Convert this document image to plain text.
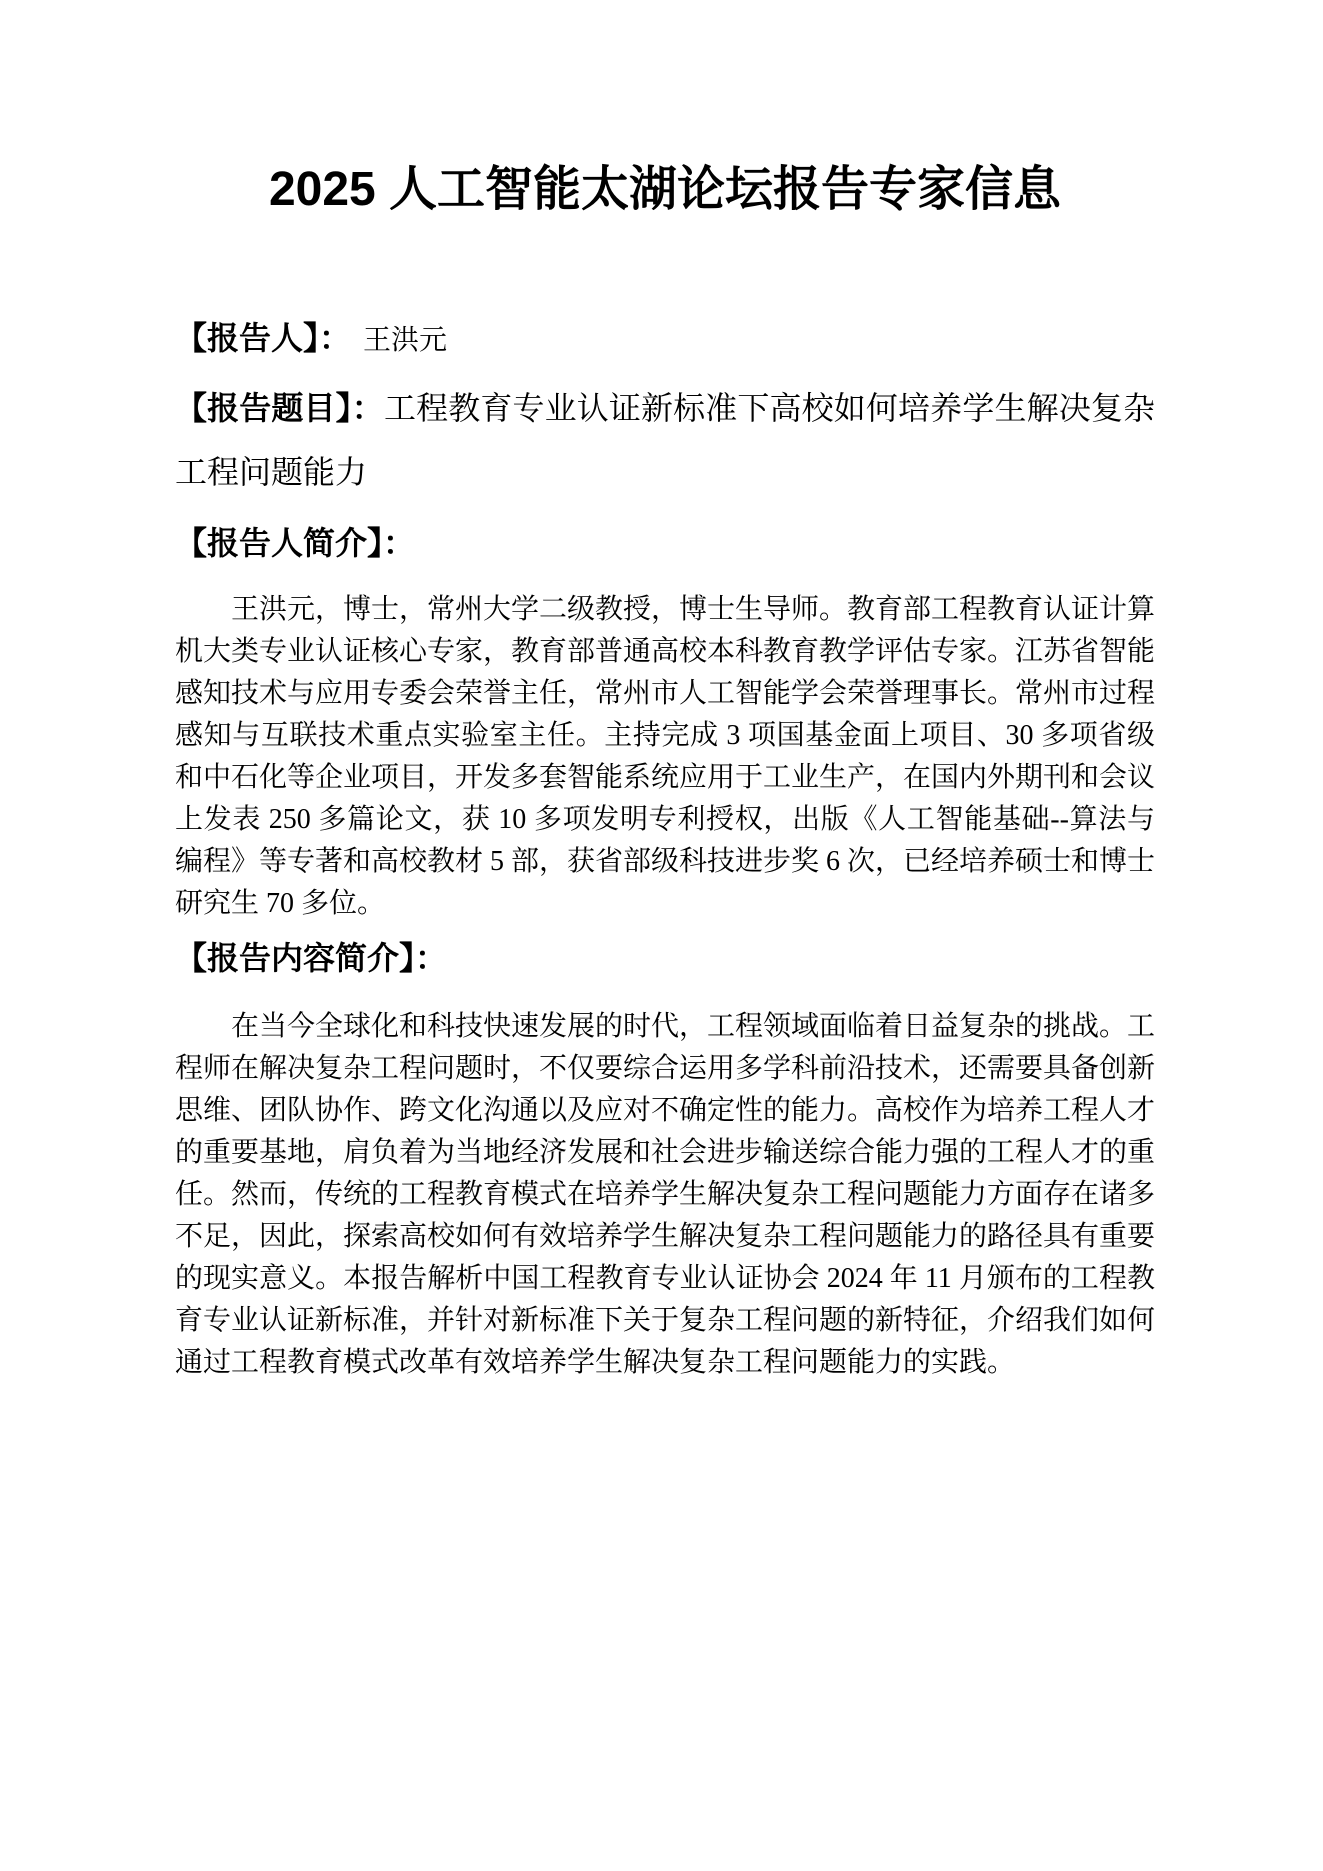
2025 人工智能太湖论坛报告专家信息

【报告人】： 王洪元

【报告题目】：工程教育专业认证新标准下高校如何培养学生解决复杂工程问题能力

【报告人简介】：

王洪元，博士，常州大学二级教授，博士生导师。教育部工程教育认证计算机大类专业认证核心专家，教育部普通高校本科教育教学评估专家。江苏省智能感知技术与应用专委会荣誉主任，常州市人工智能学会荣誉理事长。常州市过程感知与互联技术重点实验室主任。主持完成 3 项国基金面上项目、30 多项省级和中石化等企业项目，开发多套智能系统应用于工业生产，在国内外期刊和会议上发表 250 多篇论文，获 10 多项发明专利授权，出版《人工智能基础--算法与编程》等专著和高校教材 5 部，获省部级科技进步奖 6 次，已经培养硕士和博士研究生 70 多位。

【报告内容简介】：

在当今全球化和科技快速发展的时代，工程领域面临着日益复杂的挑战。工程师在解决复杂工程问题时，不仅要综合运用多学科前沿技术，还需要具备创新思维、团队协作、跨文化沟通以及应对不确定性的能力。高校作为培养工程人才的重要基地，肩负着为当地经济发展和社会进步输送综合能力强的工程人才的重任。然而，传统的工程教育模式在培养学生解决复杂工程问题能力方面存在诸多不足，因此，探索高校如何有效培养学生解决复杂工程问题能力的路径具有重要的现实意义。本报告解析中国工程教育专业认证协会 2024 年 11 月颁布的工程教育专业认证新标准，并针对新标准下关于复杂工程问题的新特征，介绍我们如何通过工程教育模式改革有效培养学生解决复杂工程问题能力的实践。
